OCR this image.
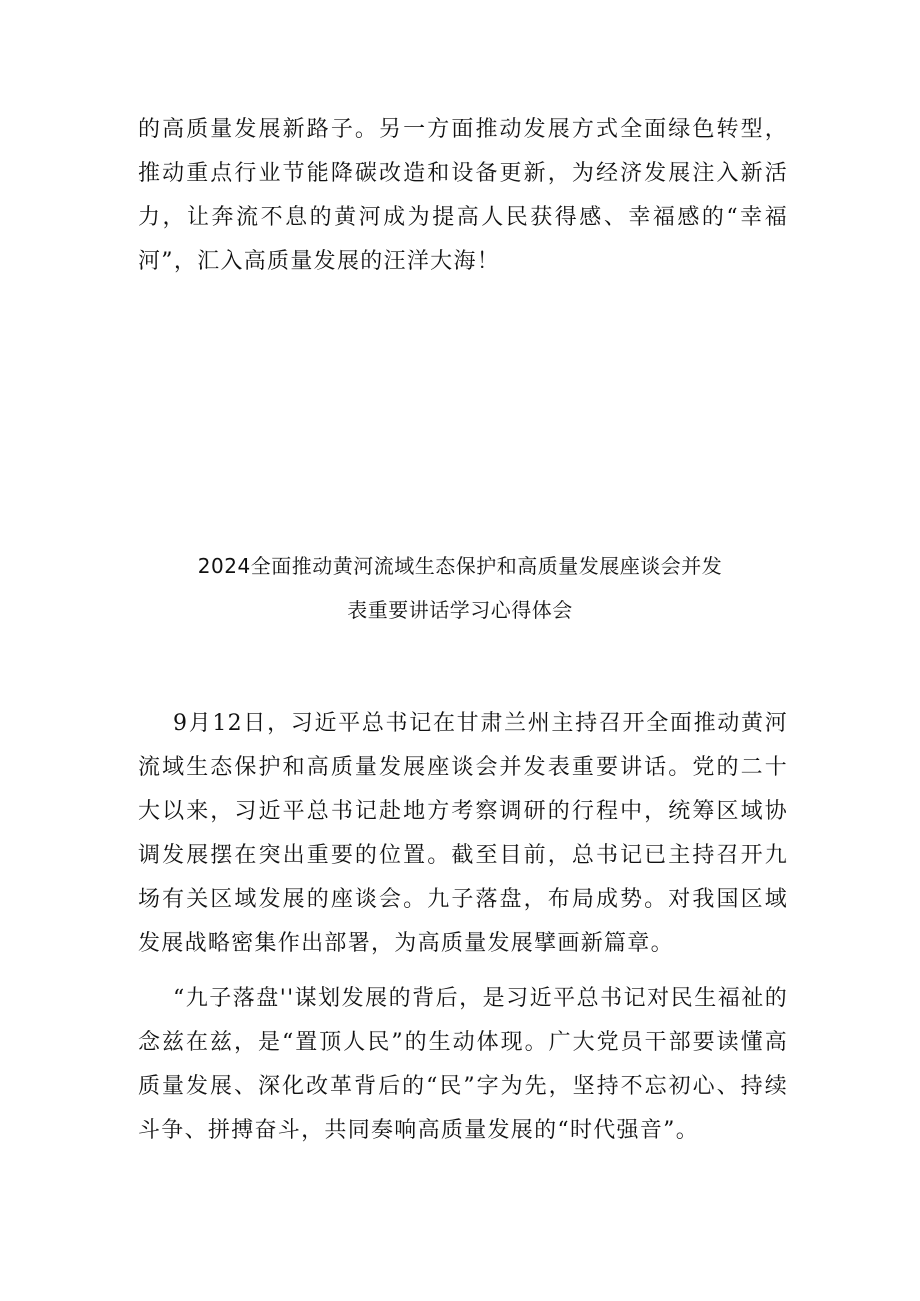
的高质量发展新路子。另一方面推动发展方式全面绿色转型，推动重点行业节能降碳改造和设备更新，为经济发展注入新活力，让奔流不息的黄河成为提高人民获得感、幸福感的“幸福河”，汇入高质量发展的汪洋大海！

2024全面推动黄河流域生态保护和高质量发展座谈会并发
表重要讲话学习心得体会

9月12日，习近平总书记在甘肃兰州主持召开全面推动黄河流域生态保护和高质量发展座谈会并发表重要讲话。党的二十大以来，习近平总书记赴地方考察调研的行程中，统筹区域协调发展摆在突出重要的位置。截至目前，总书记已主持召开九场有关区域发展的座谈会。九子落盘，布局成势。对我国区域发展战略密集作出部署，为高质量发展擘画新篇章。

“九子落盘''谋划发展的背后，是习近平总书记对民生福祉的念兹在兹，是“置顶人民”的生动体现。广大党员干部要读懂高质量发展、深化改革背后的“民”字为先，坚持不忘初心、持续斗争、拼搏奋斗，共同奏响高质量发展的“时代强音”。
